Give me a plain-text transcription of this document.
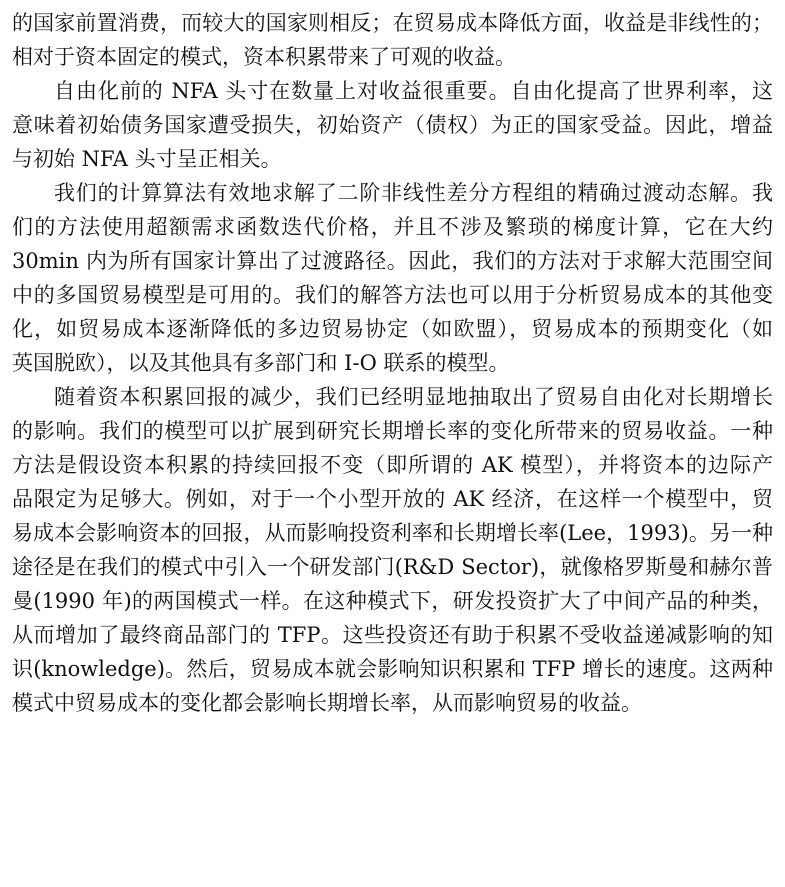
的国家前置消费，而较大的国家则相反；在贸易成本降低方面，收益是非线性的；
相对于资本固定的模式，资本积累带来了可观的收益。
自由化前的 NFA 头寸在数量上对收益很重要。自由化提高了世界利率，这
意味着初始债务国家遭受损失，初始资产（债权）为正的国家受益。因此，增益
与初始 NFA 头寸呈正相关。
我们的计算算法有效地求解了二阶非线性差分方程组的精确过渡动态解。我
们的方法使用超额需求函数迭代价格，并且不涉及繁琐的梯度计算，它在大约
30min 内为所有国家计算出了过渡路径。因此，我们的方法对于求解大范围空间
中的多国贸易模型是可用的。我们的解答方法也可以用于分析贸易成本的其他变
化，如贸易成本逐渐降低的多边贸易协定（如欧盟），贸易成本的预期变化（如
英国脱欧），以及其他具有多部门和 I-O 联系的模型。
随着资本积累回报的减少，我们已经明显地抽取出了贸易自由化对长期增长
的影响。我们的模型可以扩展到研究长期增长率的变化所带来的贸易收益。一种
方法是假设资本积累的持续回报不变（即所谓的 AK 模型），并将资本的边际产
品限定为足够大。例如，对于一个小型开放的 AK 经济，在这样一个模型中，贸
易成本会影响资本的回报，从而影响投资利率和长期增长率(Lee，1993)。另一种
途径是在我们的模式中引入一个研发部门(R&D Sector)，就像格罗斯曼和赫尔普
曼(1990 年)的两国模式一样。在这种模式下，研发投资扩大了中间产品的种类，
从而增加了最终商品部门的 TFP。这些投资还有助于积累不受收益递减影响的知
识(knowledge)。然后，贸易成本就会影响知识积累和 TFP 增长的速度。这两种
模式中贸易成本的变化都会影响长期增长率，从而影响贸易的收益。
